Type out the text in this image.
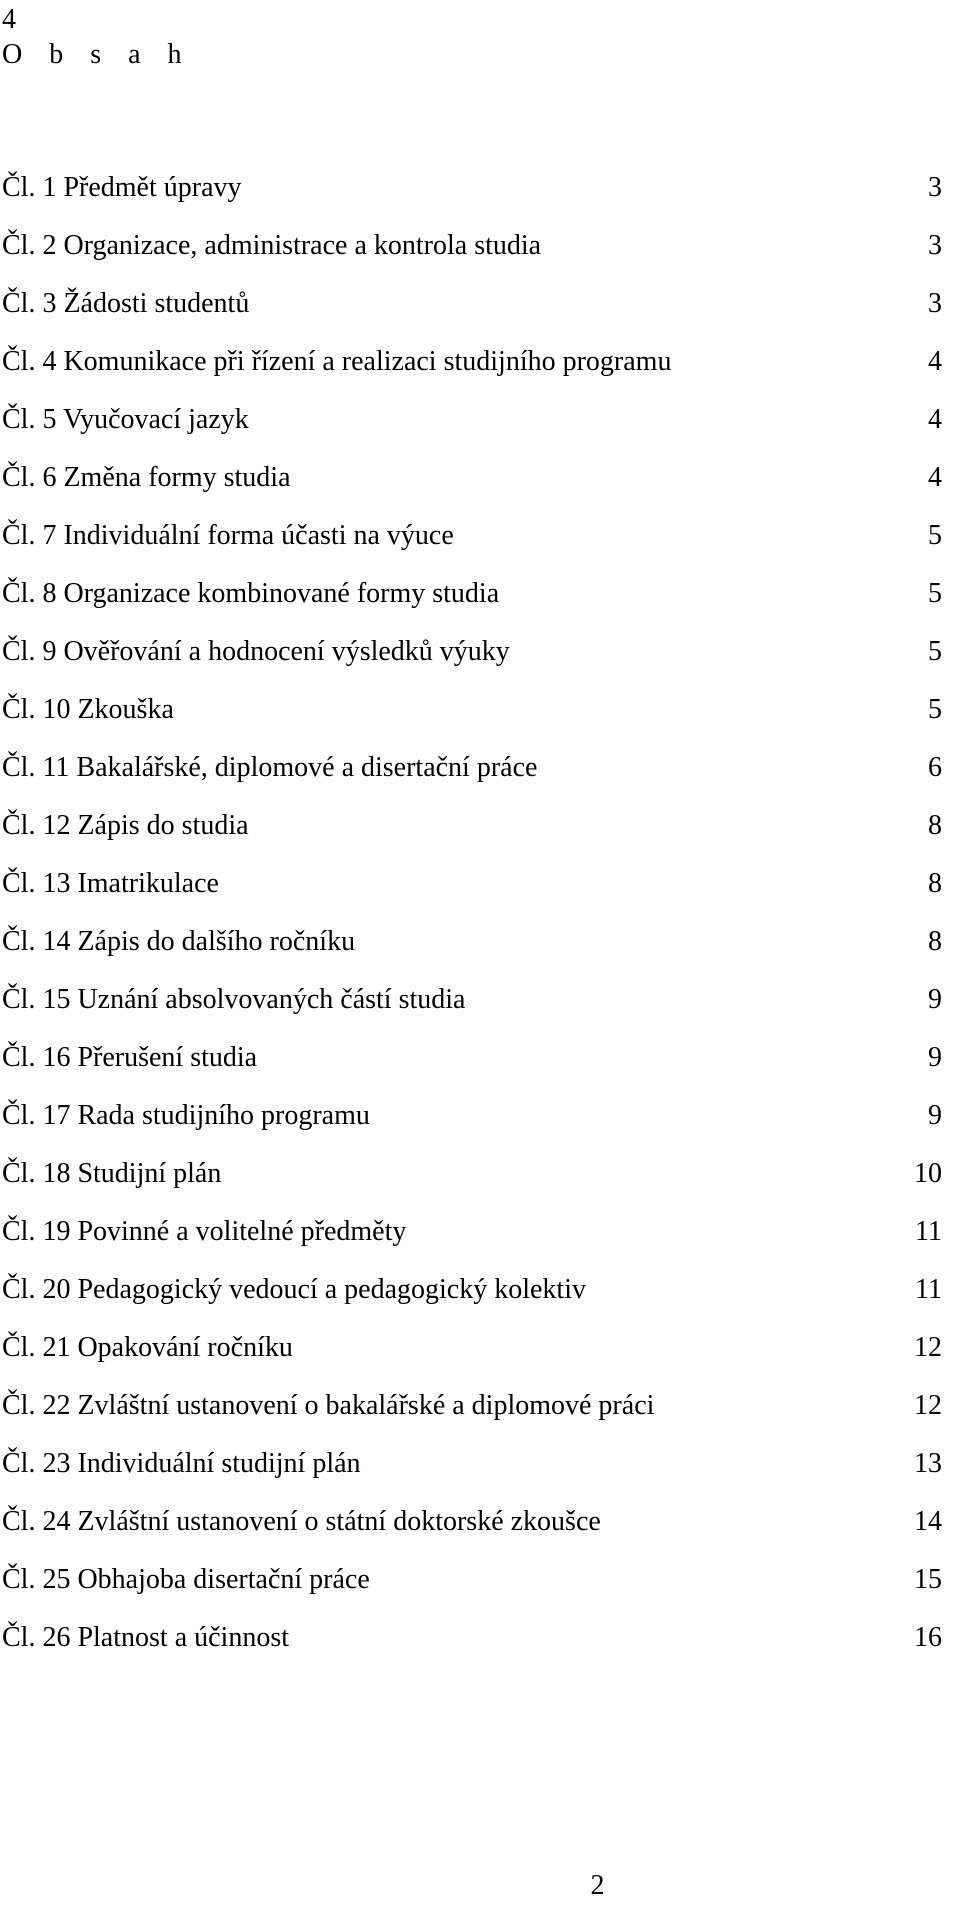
4
O b s a h
Čl. 1 Předmět úpravy	3
Čl. 2 Organizace, administrace a kontrola studia	3
Čl. 3 Žádosti studentů	3
Čl. 4 Komunikace při řízení a realizaci studijního programu	4
Čl. 5 Vyučovací jazyk	4
Čl. 6 Změna formy studia	4
Čl. 7 Individuální forma účasti na výuce	5
Čl. 8 Organizace kombinované formy studia	5
Čl. 9 Ověřování a hodnocení výsledků výuky	5
Čl. 10 Zkouška	5
Čl. 11 Bakalářské, diplomové a disertační práce	6
Čl. 12 Zápis do studia	8
Čl. 13 Imatrikulace	8
Čl. 14 Zápis do dalšího ročníku	8
Čl. 15 Uznání absolvovaných částí studia	9
Čl. 16 Přerušení studia	9
Čl. 17 Rada studijního programu	9
Čl. 18 Studijní plán	10
Čl. 19 Povinné a volitelné předměty	11
Čl. 20 Pedagogický vedoucí a pedagogický kolektiv	11
Čl. 21 Opakování ročníku	12
Čl. 22 Zvláštní ustanovení o bakalářské a diplomové práci	12
Čl. 23 Individuální studijní plán	13
Čl. 24 Zvláštní ustanovení o státní doktorské zkoušce	14
Čl. 25 Obhajoba disertační práce	15
Čl. 26 Platnost a účinnost	16
2
